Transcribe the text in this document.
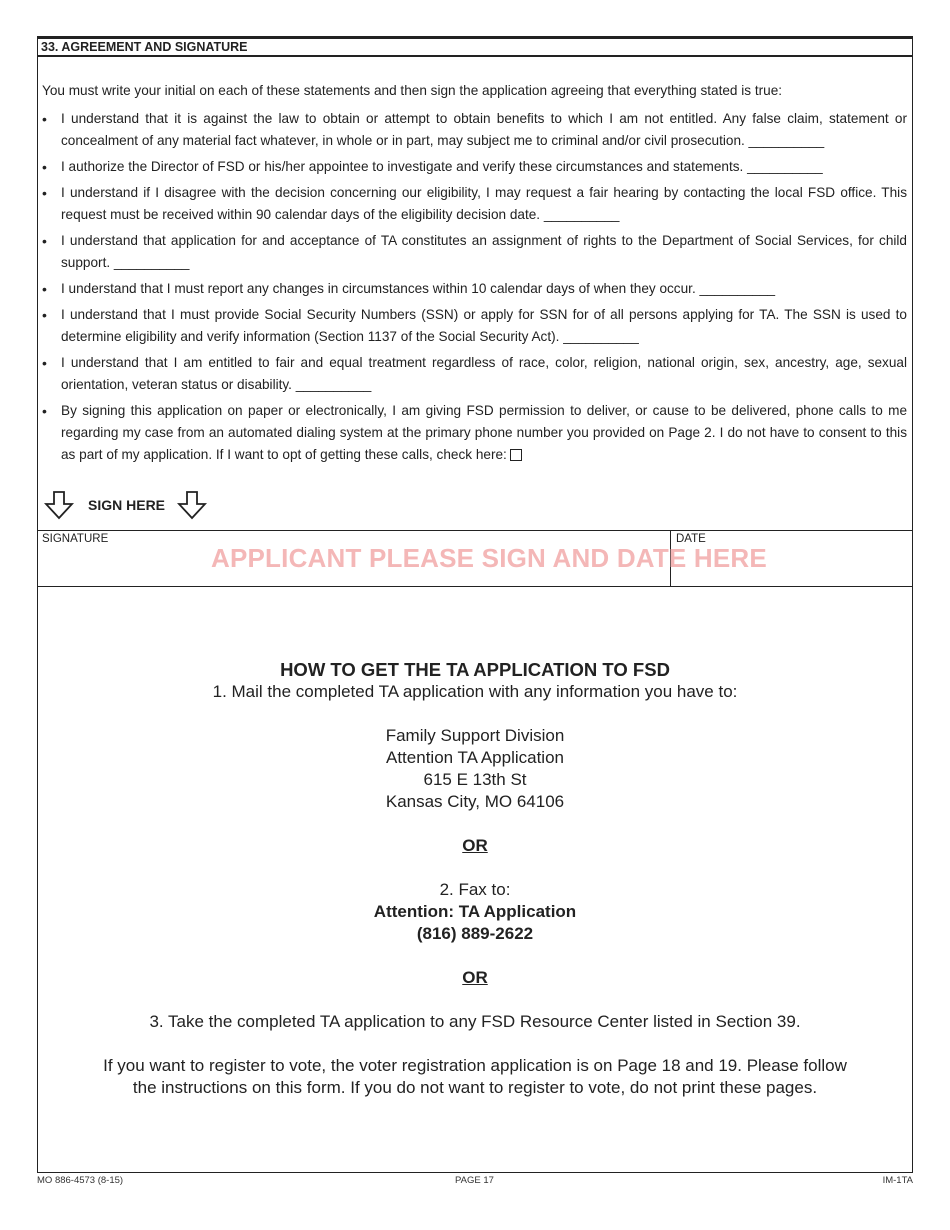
33. AGREEMENT AND SIGNATURE
You must write your initial on each of these statements and then sign the application agreeing that everything stated is true:
• I understand that it is against the law to obtain or attempt to obtain benefits to which I am not entitled. Any false claim, statement or concealment of any material fact whatever, in whole or in part, may subject me to criminal and/or civil prosecution. __________
• I authorize the Director of FSD or his/her appointee to investigate and verify these circumstances and statements. __________
• I understand if I disagree with the decision concerning our eligibility, I may request a fair hearing by contacting the local FSD office. This request must be received within 90 calendar days of the eligibility decision date. __________
• I understand that application for and acceptance of TA constitutes an assignment of rights to the Department of Social Services, for child support. __________
• I understand that I must report any changes in circumstances within 10 calendar days of when they occur. __________
• I understand that I must provide Social Security Numbers (SSN) or apply for SSN for of all persons applying for TA. The SSN is used to determine eligibility and verify information (Section 1137 of the Social Security Act). __________
• I understand that I am entitled to fair and equal treatment regardless of race, color, religion, national origin, sex, ancestry, age, sexual orientation, veteran status or disability. __________
• By signing this application on paper or electronically, I am giving FSD permission to deliver, or cause to be delivered, phone calls to me regarding my case from an automated dialing system at the primary phone number you provided on Page 2. I do not have to consent to this as part of my application. If I want to opt of getting these calls, check here:
SIGN HERE
SIGNATURE	DATE
APPLICANT PLEASE SIGN AND DATE HERE

HOW TO GET THE TA APPLICATION TO FSD

1. Mail the completed TA application with any information you have to:

Family Support Division

Attention TA Application

615 E 13th St

Kansas City, MO 64106

OR

2. Fax to:

Attention: TA Application

(816) 889-2622

OR

3. Take the completed TA application to any FSD Resource Center listed in Section 39.

If you want to register to vote, the voter registration application is on Page 18 and 19. Please follow

the instructions on this form. If you do not want to register to vote, do not print these pages.

MO 886-4573 (8-15)	PAGE 17	IM-1TA
